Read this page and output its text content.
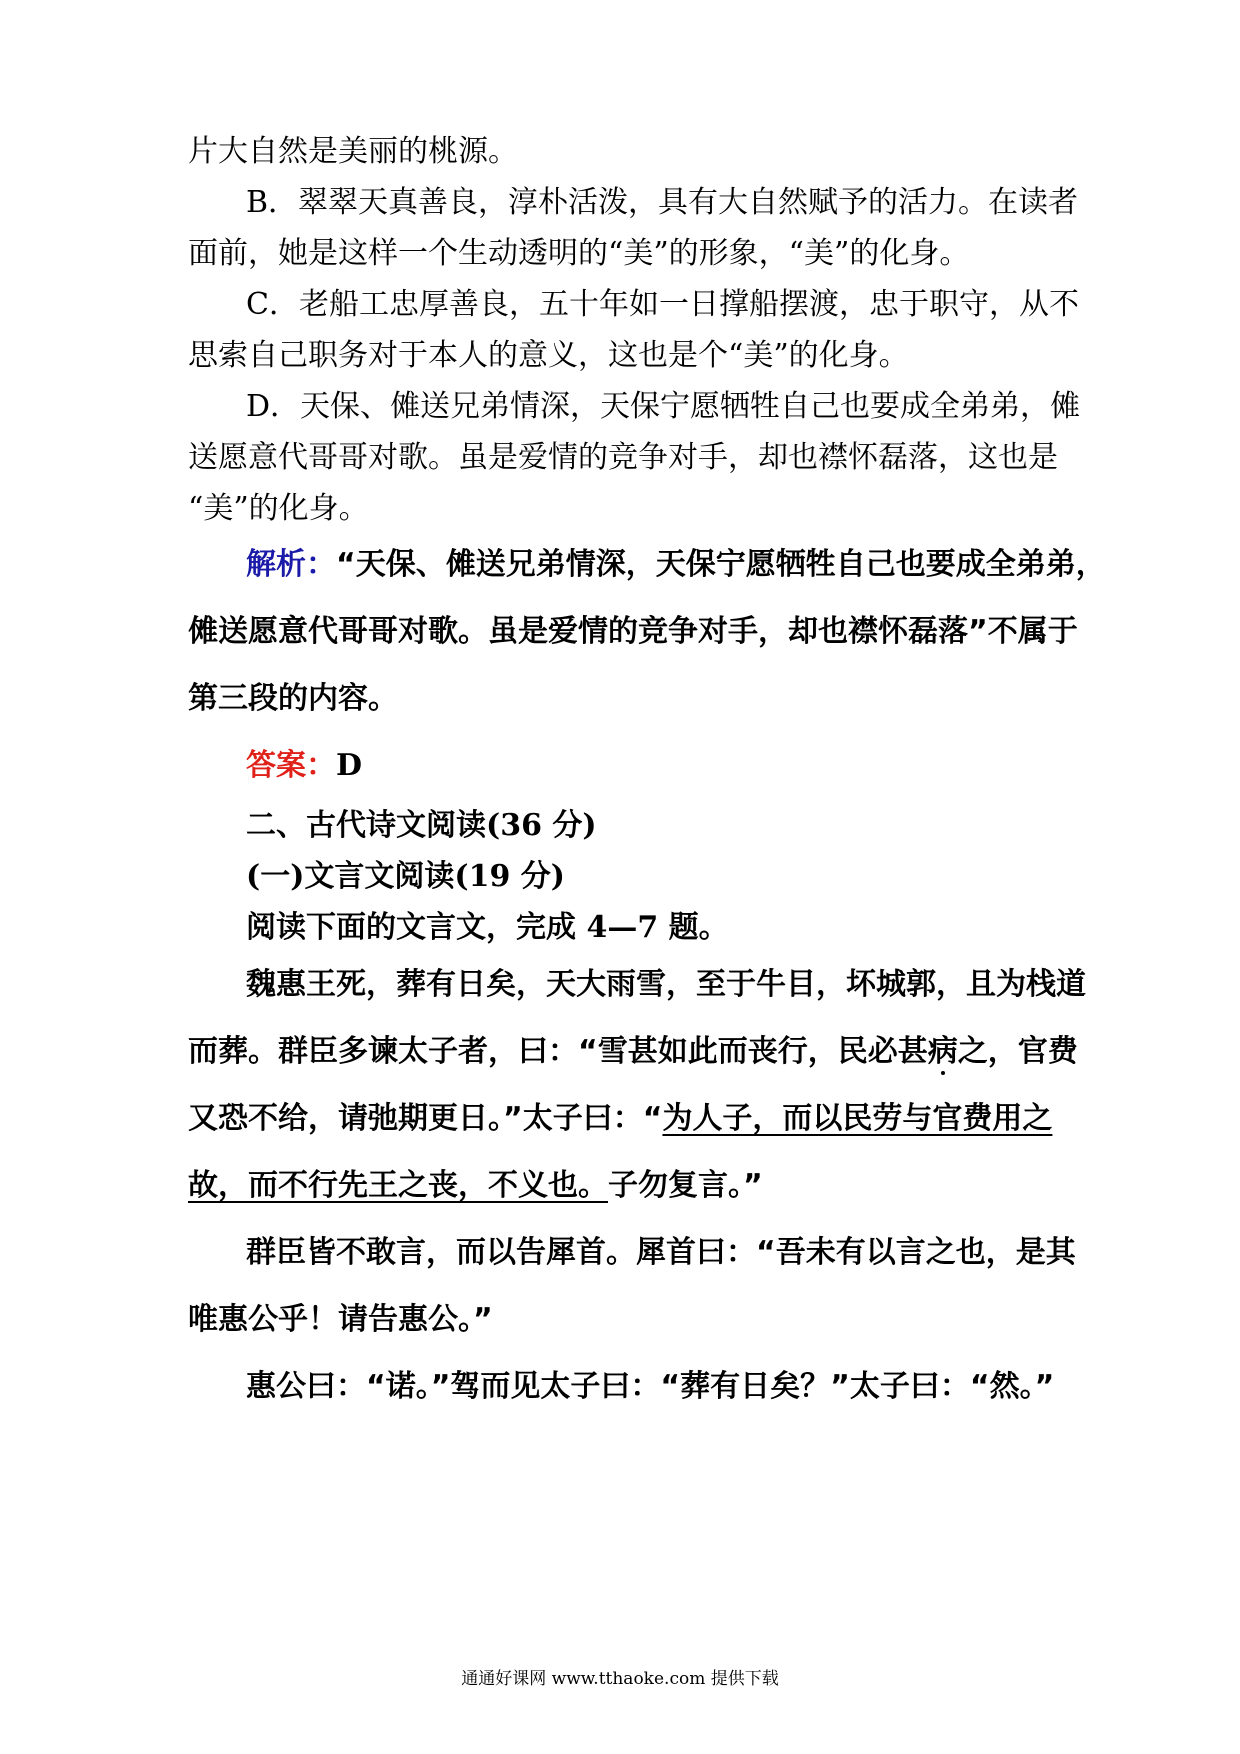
片大自然是美丽的桃源。
B．翠翠天真善良，淳朴活泼，具有大自然赋予的活力。在读者
面前，她是这样一个生动透明的“美”的形象，“美”的化身。
C．老船工忠厚善良，五十年如一日撑船摆渡，忠于职守，从不
思索自己职务对于本人的意义，这也是个“美”的化身。
D．天保、傩送兄弟情深，天保宁愿牺牲自己也要成全弟弟，傩
送愿意代哥哥对歌。虽是爱情的竞争对手，却也襟怀磊落，这也是
“美”的化身。
解析：“天保、傩送兄弟情深，天保宁愿牺牲自己也要成全弟弟，
傩送愿意代哥哥对歌。虽是爱情的竞争对手，却也襟怀磊落”不属于
第三段的内容。
答案：D
二、古代诗文阅读(36 分)
(一)文言文阅读(19 分)
阅读下面的文言文，完成 4—7 题。
魏惠王死，葬有日矣，天大雨雪，至于牛目，坏城郭，且为栈道
而葬。群臣多谏太子者，曰：“雪甚如此而丧行，民必甚病之，官费
又恐不给，请弛期更日。”太子曰：“为人子，而以民劳与官费用之
故，而不行先王之丧，不义也。子勿复言。”
群臣皆不敢言，而以告犀首。犀首曰：“吾未有以言之也，是其
唯惠公乎！请告惠公。”
惠公曰：“诺。”驾而见太子曰：“葬有日矣？”太子曰：“然。”
通通好课网 www.tthaoke.com 提供下载
